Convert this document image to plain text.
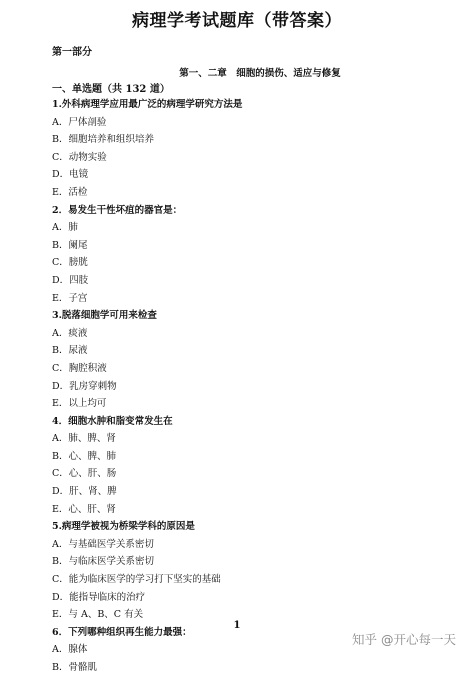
病理学考试题库（带答案）
第一部分
第一、二章　细胞的损伤、适应与修复
一、单选题（共 132 道）
1.外科病理学应用最广泛的病理学研究方法是
A．尸体剖验
B．细胞培养和组织培养
C．动物实验
D．电镜
E．活检
2．易发生干性坏疽的器官是：
A．肺
B．阑尾
C．膀胱
D．四肢
E．子宫
3.脱落细胞学可用来检查
A．痰液
B．尿液
C．胸腔积液
D．乳房穿刺物
E．以上均可
4．细胞水肿和脂变常发生在
A．肺、脾、肾
B．心、脾、肺
C．心、肝、肠
D．肝、肾、脾
E．心、肝、肾
5.病理学被视为桥梁学科的原因是
A．与基础医学关系密切
B．与临床医学关系密切
C．能为临床医学的学习打下坚实的基础
D．能指导临床的治疗
E．与 A、B、C 有关
6．下列哪种组织再生能力最强：
A．腺体
B．骨骼肌
1
知乎 @开心每一天
